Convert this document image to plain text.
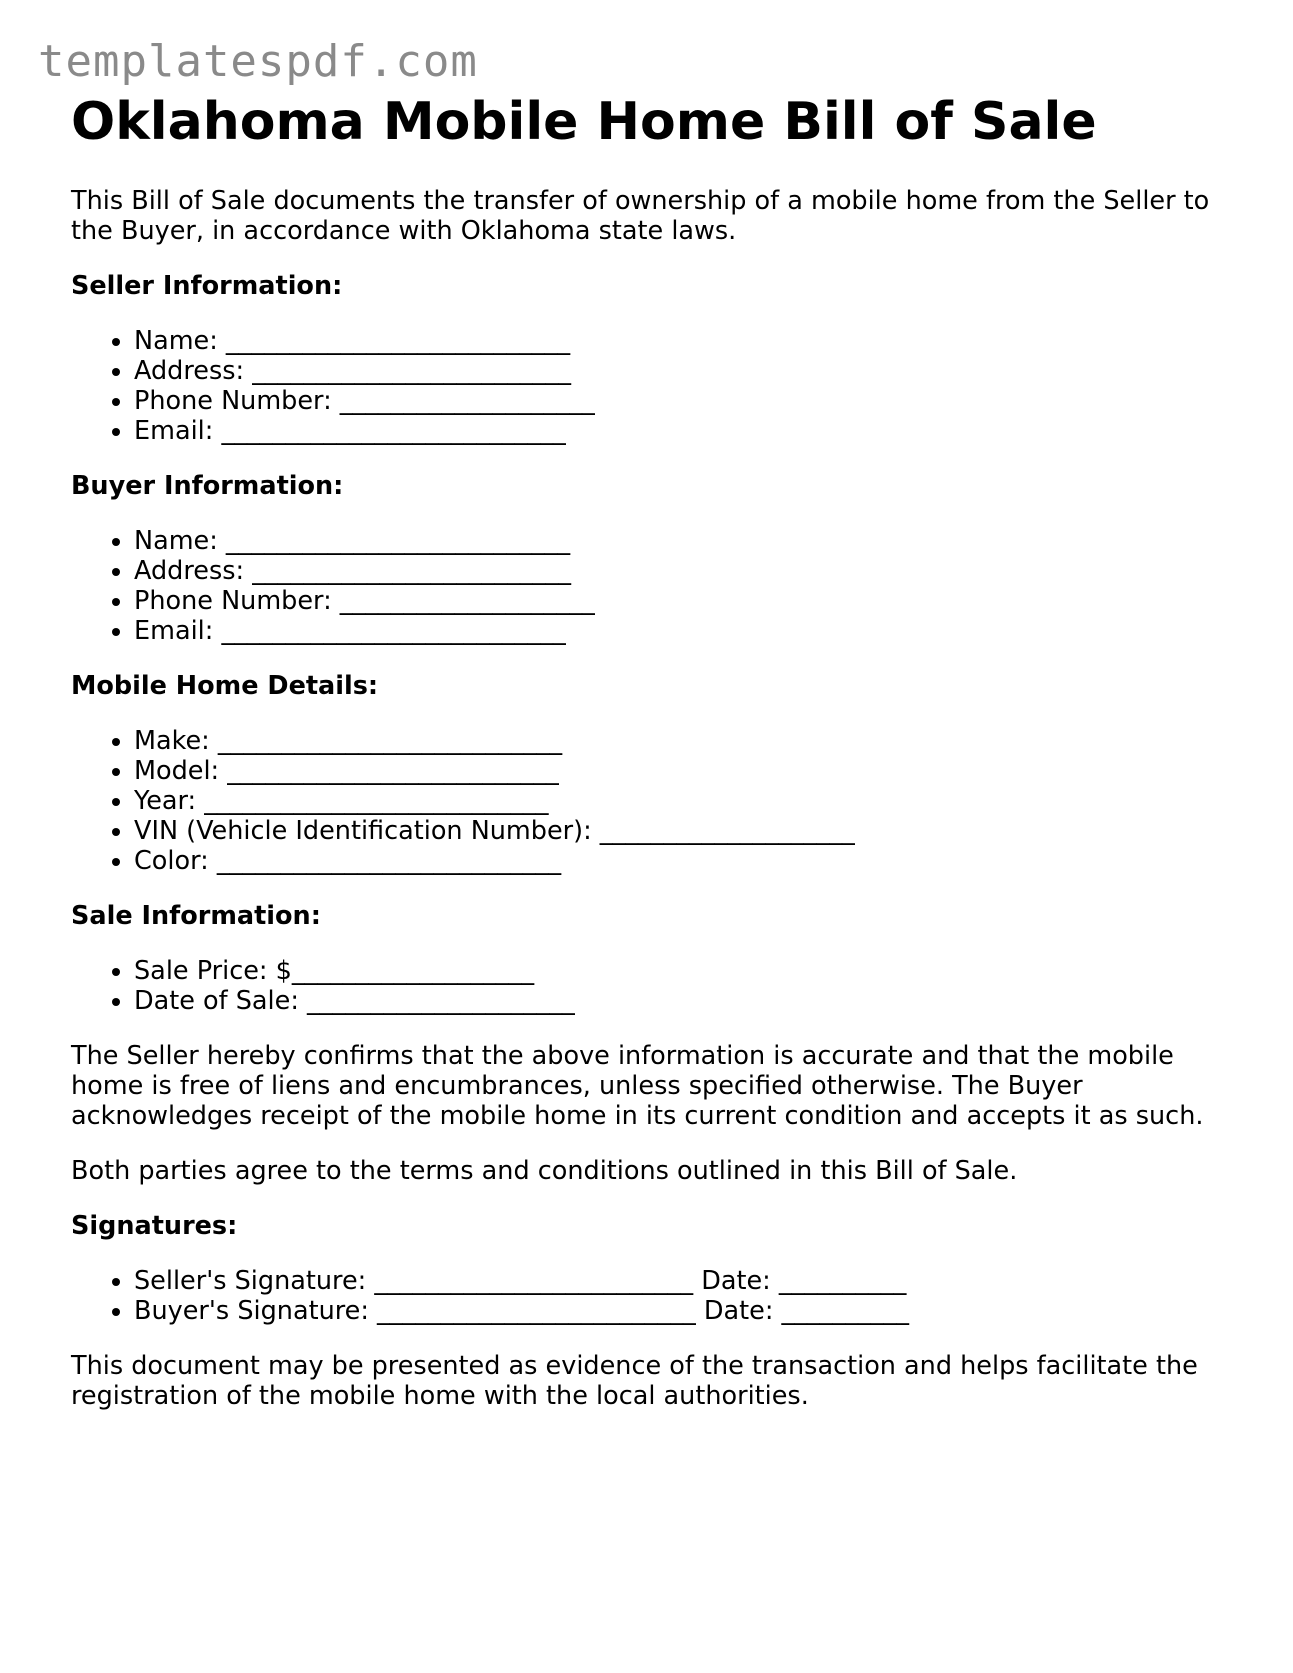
templatespdf.com
Oklahoma Mobile Home Bill of Sale

This Bill of Sale documents the transfer of ownership of a mobile home from the Seller to the Buyer, in accordance with Oklahoma state laws.

Seller Information:
• Name: ___________________________
• Address: _________________________
• Phone Number: ____________________
• Email: ___________________________
Buyer Information:
• Name: ___________________________
• Address: _________________________
• Phone Number: ____________________
• Email: ___________________________
Mobile Home Details:
• Make: ___________________________
• Model: __________________________
• Year: ___________________________
• VIN (Vehicle Identification Number): ____________________
• Color: ___________________________
Sale Information:
• Sale Price: $___________________
• Date of Sale: _____________________

The Seller hereby confirms that the above information is accurate and that the mobile home is free of liens and encumbrances, unless specified otherwise. The Buyer acknowledges receipt of the mobile home in its current condition and accepts it as such.

Both parties agree to the terms and conditions outlined in this Bill of Sale.

Signatures:
• Seller's Signature: _________________________ Date: __________
• Buyer's Signature: _________________________ Date: __________

This document may be presented as evidence of the transaction and helps facilitate the registration of the mobile home with the local authorities.
